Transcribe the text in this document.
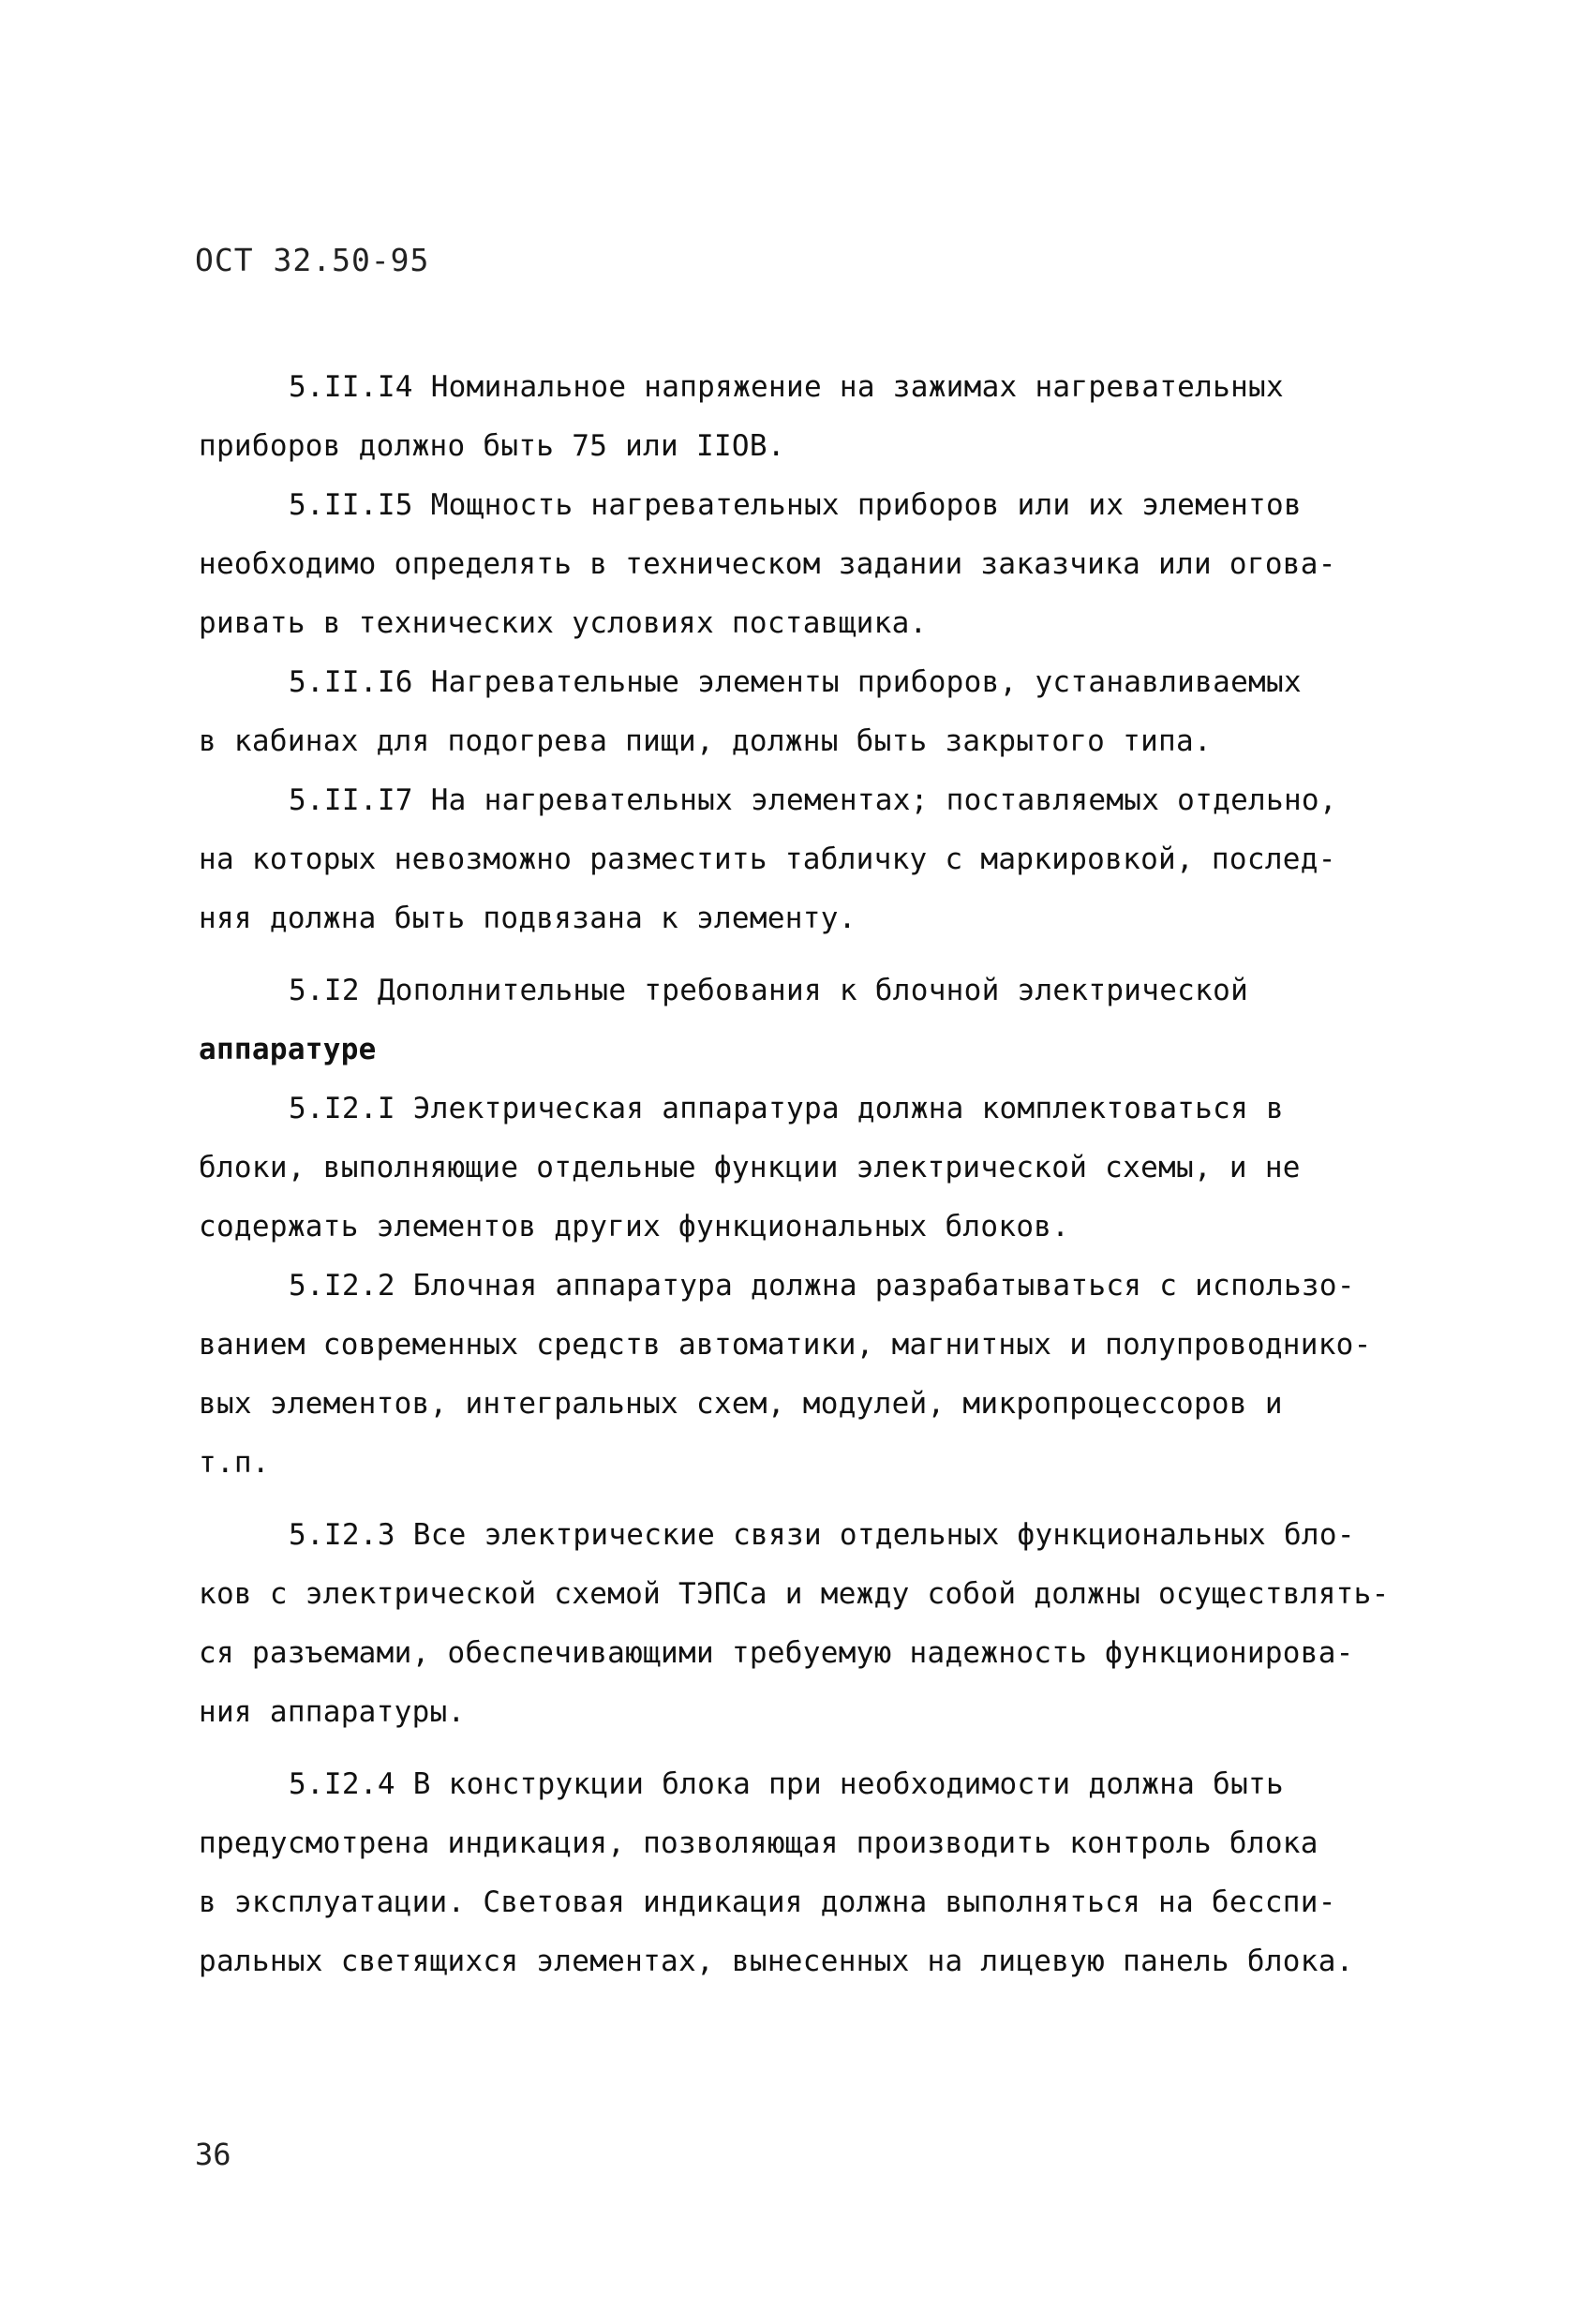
ОСТ 32.50-95
5.II.I4 Номинальное напряжение на зажимах нагревательных
приборов должно быть 75 или IIОВ.
5.II.I5 Мощность нагревательных приборов или их элементов
необходимо определять в техническом задании заказчика или огова-
ривать в технических условиях поставщика.
5.II.I6 Нагревательные элементы приборов, устанавливаемых
в кабинах для подогрева пищи, должны быть закрытого типа.
5.II.I7 На нагревательных элементах; поставляемых отдельно,
на которых невозможно разместить табличку с маркировкой, послед-
няя должна быть подвязана к элементу.
5.I2 Дополнительные требования к блочной электрической
аппаратуре
5.I2.I Электрическая аппаратура должна комплектоваться в
блоки, выполняющие отдельные функции электрической схемы, и не
содержать элементов других функциональных блоков.
5.I2.2 Блочная аппаратура должна разрабатываться с использо-
ванием современных средств автоматики, магнитных и полупроводнико-
вых элементов, интегральных схем, модулей, микропроцессоров и
т.п.
5.I2.3 Все электрические связи отдельных функциональных бло-
ков с электрической схемой ТЭПСа и между собой должны осуществлять-
ся разъемами, обеспечивающими требуемую надежность функционирова-
ния аппаратуры.
5.I2.4 В конструкции блока при необходимости должна быть
предусмотрена индикация, позволяющая производить контроль блока
в эксплуатации. Световая индикация должна выполняться на бесспи-
ральных светящихся элементах, вынесенных на лицевую панель блока.
36
